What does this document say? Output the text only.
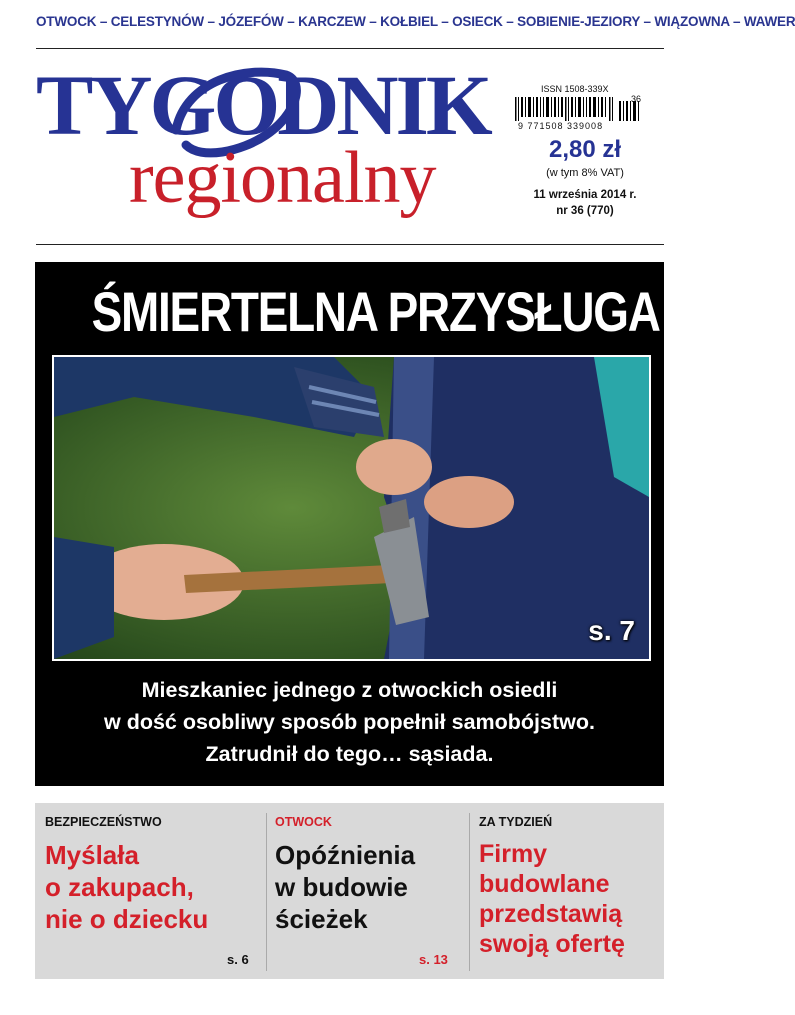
OTWOCK – CELESTYNÓW – JÓZEFÓW – KARCZEW – KOŁBIEL – OSIECK – SOBIENIE-JEZIORY – WIĄZOWNA – WAWER
TYGODNIK
regionalny
ISSN 1508-339X
36
9 771508 339008
2,80 zł
(w tym 8% VAT)
11 września 2014 r.
nr 36 (770)
ŚMIERTELNA PRZYSŁUGA
s. 7
Mieszkaniec jednego z otwockich osiedli
w dość osobliwy sposób popełnił samobójstwo.
Zatrudnił do tego… sąsiada.
BEZPIECZEŃSTWO
Myślała
o zakupach,
nie o dziecku
s. 6
OTWOCK
Opóźnienia
w budowie
ścieżek
s. 13
ZA TYDZIEŃ
Firmy
budowlane
przedstawią
swoją ofertę
